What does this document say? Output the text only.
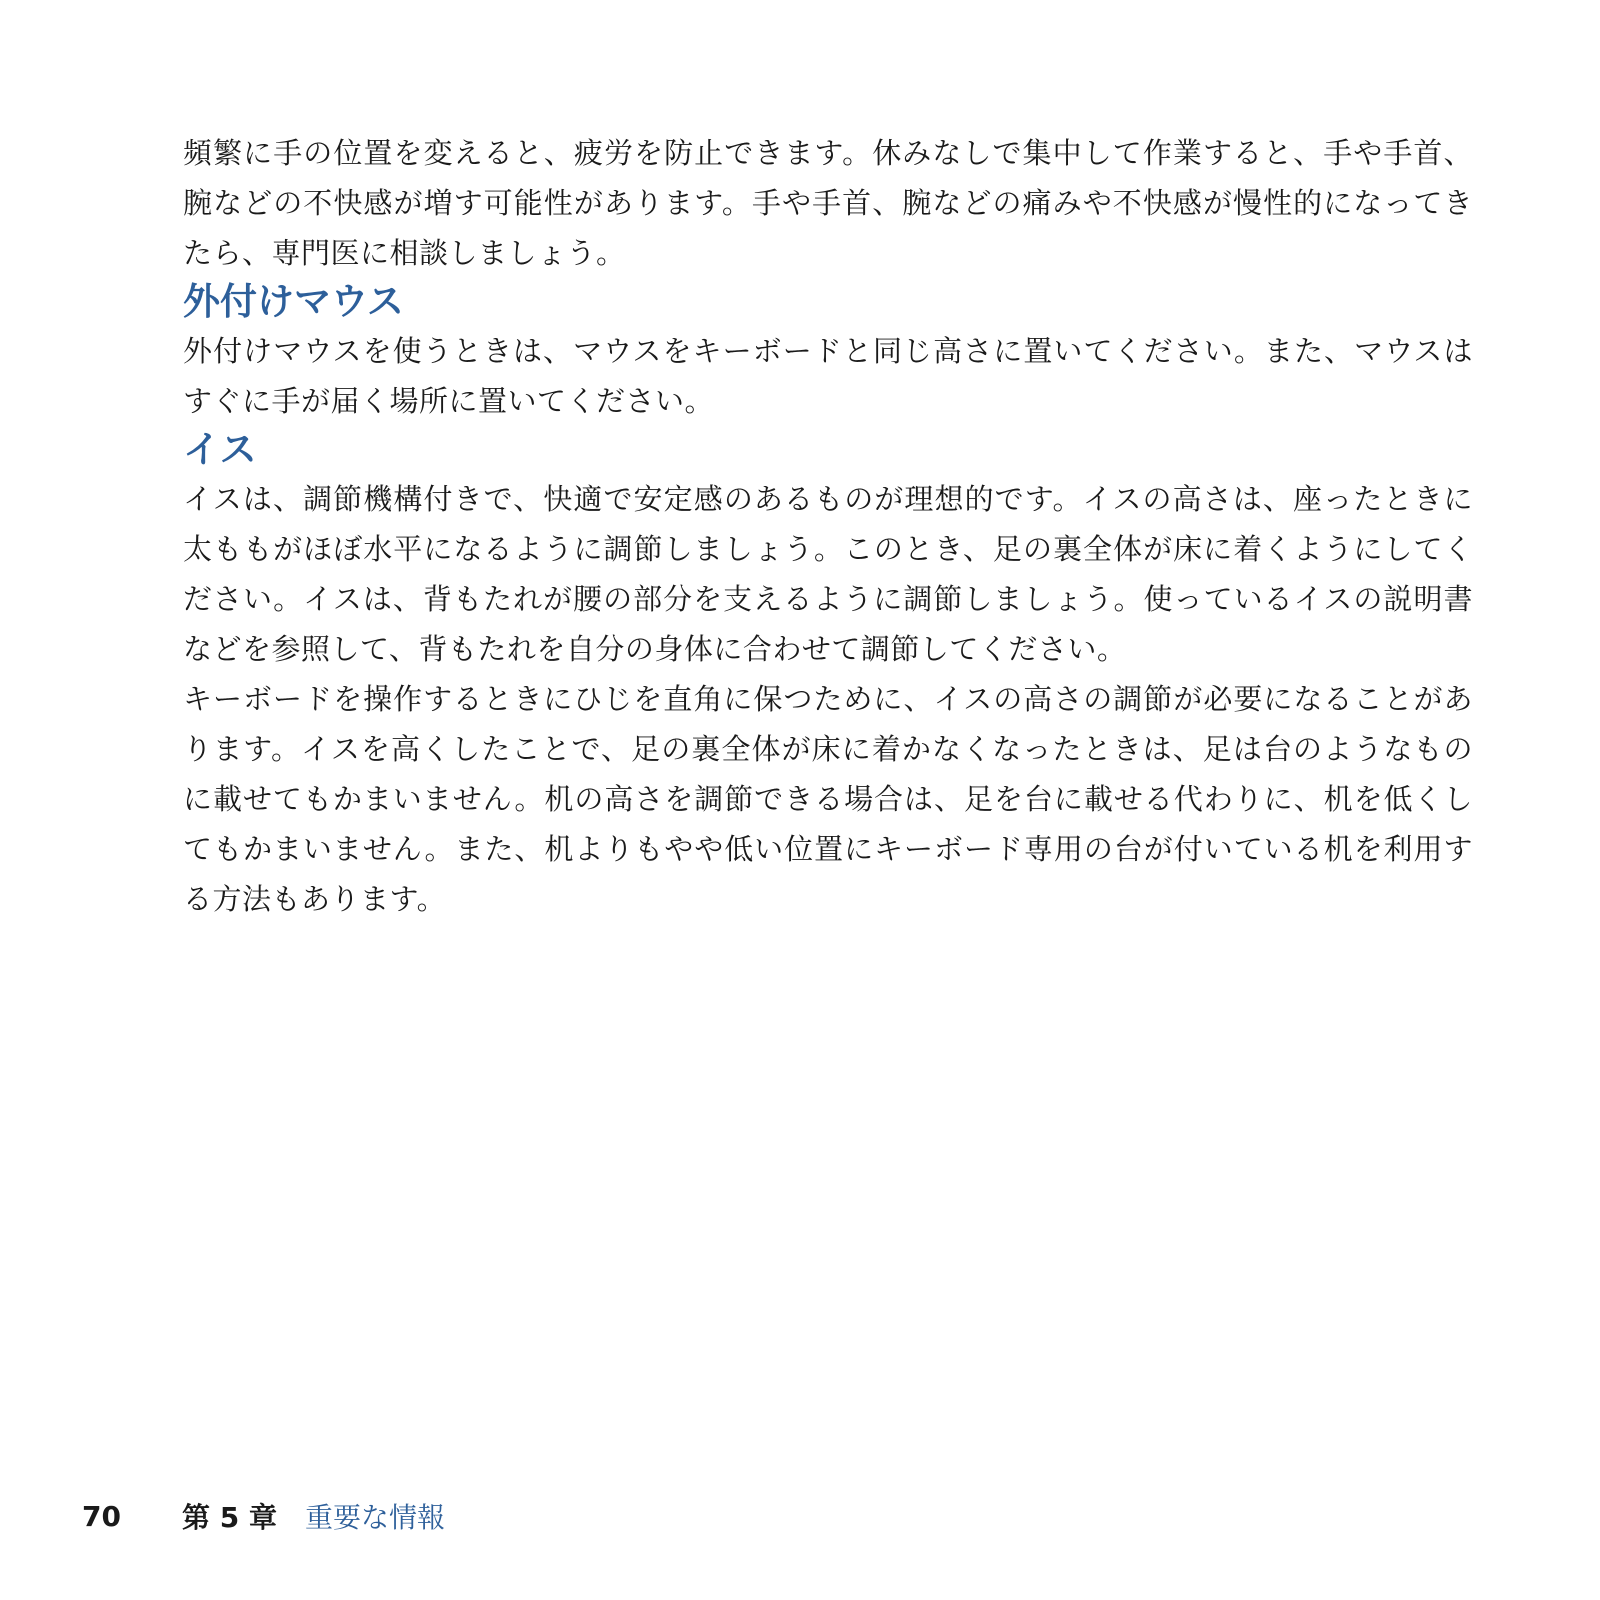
頻繁に手の位置を変えると、疲労を防止できます。休みなしで集中して作業すると、手や手首、腕などの不快感が増す可能性があります。手や手首、腕などの痛みや不快感が慢性的になってきたら、専門医に相談しましょう。

外付けマウス

外付けマウスを使うときは、マウスをキーボードと同じ高さに置いてください。また、マウスはすぐに手が届く場所に置いてください。

イス

イスは、調節機構付きで、快適で安定感のあるものが理想的です。イスの高さは、座ったときに太ももがほぼ水平になるように調節しましょう。このとき、足の裏全体が床に着くようにしてください。イスは、背もたれが腰の部分を支えるように調節しましょう。使っているイスの説明書などを参照して、背もたれを自分の身体に合わせて調節してください。

キーボードを操作するときにひじを直角に保つために、イスの高さの調節が必要になることがあります。イスを高くしたことで、足の裏全体が床に着かなくなったときは、足は台のようなものに載せてもかまいません。机の高さを調節できる場合は、足を台に載せる代わりに、机を低くしてもかまいません。また、机よりもやや低い位置にキーボード専用の台が付いている机を利用する方法もあります。

70	第 5 章 重要な情報
